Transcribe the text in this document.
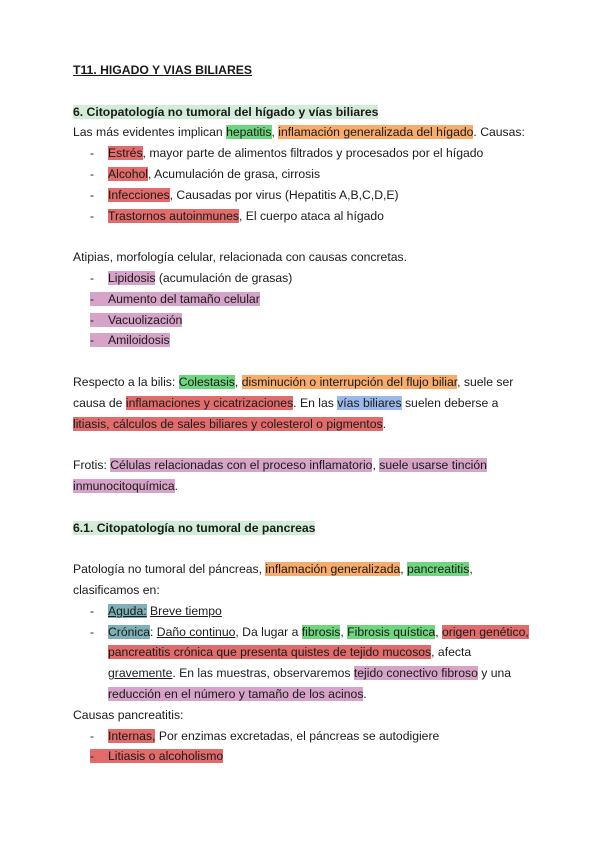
T11. HIGADO Y VIAS BILIARES
6. Citopatología no tumoral del hígado y vías biliares
Las más evidentes implican hepatitis, inflamación generalizada del hígado. Causas:
- Estrés, mayor parte de alimentos filtrados y procesados por el hígado
- Alcohol, Acumulación de grasa, cirrosis
- Infecciones, Causadas por virus (Hepatitis A,B,C,D,E)
- Trastornos autoinmunes, El cuerpo ataca al hígado
Atipias, morfología celular, relacionada con causas concretas.
- Lipidosis (acumulación de grasas)
- Aumento del tamaño celular
- Vacuolización
- Amiloidosis
Respecto a la bilis: Colestasis, disminución o interrupción del flujo biliar, suele ser
causa de inflamaciones y cicatrizaciones. En las vías biliares suelen deberse a
litiasis, cálculos de sales biliares y colesterol o pigmentos.
Frotis: Células relacionadas con el proceso inflamatorio, suele usarse tinción
inmunocitoquímica.
6.1. Citopatología no tumoral de pancreas
Patología no tumoral del páncreas, inflamación generalizada, pancreatitis,
clasificamos en:
- Aguda: Breve tiempo
- Crónica: Daño continuo, Da lugar a fibrosis, Fibrosis quística, origen genético,
pancreatitis crónica que presenta quistes de tejido mucosos, afecta
gravemente. En las muestras, observaremos tejido conectivo fibroso y una
reducción en el número y tamaño de los acinos.
Causas pancreatitis:
- Internas, Por enzimas excretadas, el páncreas se autodigiere
- Litiasis o alcoholismo
